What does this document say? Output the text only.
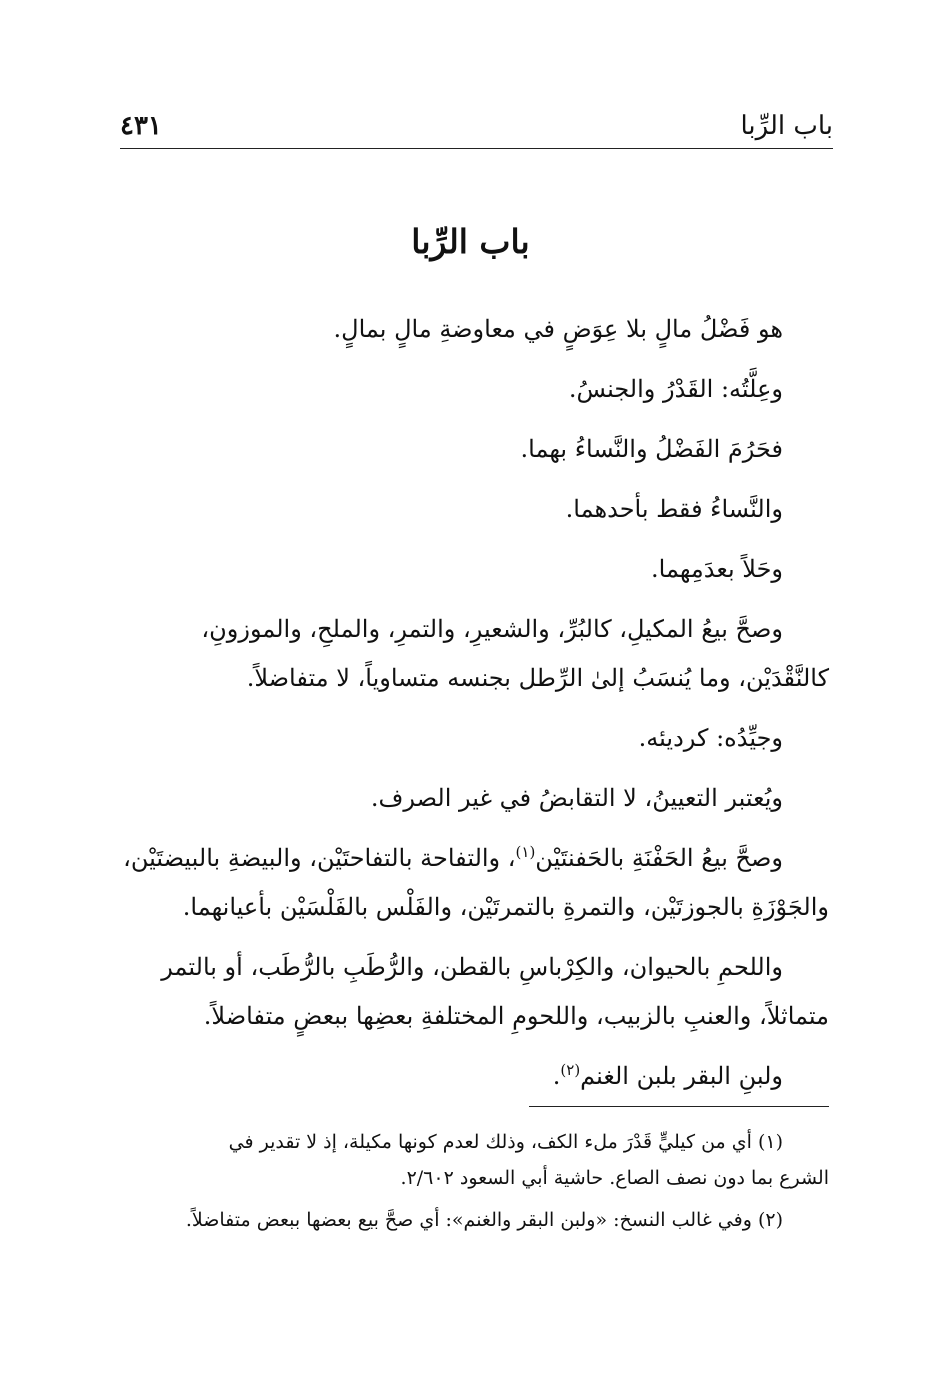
باب الرِّبا
٤٣١
باب الرِّبا

هو فَضْلُ مالٍ بلا عِوَضٍ في معاوضةِ مالٍ بمالٍ.

وعِلَّتُه: القَدْرُ والجنسُ.

فحَرُمَ الفَضْلُ والنَّساءُ بهما.

والنَّساءُ فقط بأحدهما.

وحَلاً بعدَمِهما.

وصحَّ بيعُ المكيلِ، كالبُرِّ، والشعيرِ، والتمرِ، والملحِ، والموزونِ،
كالنَّقْدَيْن، وما يُنسَبُ إلىٰ الرِّطل بجنسه متساوياً، لا متفاضلاً.

وجيِّدُه: كرديئه.

ويُعتبر التعيينُ، لا التقابضُ في غير الصرف.

وصحَّ بيعُ الحَفْنَةِ بالحَفنتَيْن$^{(١)}$، والتفاحة بالتفاحتَيْن، والبيضةِ بالبيضتَيْن،
والجَوْزَةِ بالجوزتَيْن، والتمرةِ بالتمرتَيْن، والفَلْس بالفَلْسَيْن بأعيانهما.

واللحمِ بالحيوان، والكِرْباسِ بالقطن، والرُّطَبِ بالرُّطَب، أو بالتمر
متماثلاً، والعنبِ بالزبيب، واللحومِ المختلفةِ بعضِها ببعضٍ متفاضلاً.

ولبنِ البقر بلبن الغنم$^{(٢)}$.

(١) أي من كيليٍّ قَدْرَ ملء الكف، وذلك لعدم كونها مكيلة، إذ لا تقدير في
الشرع بما دون نصف الصاع. حاشية أبي السعود ٢/٦٠٢.

(٢) وفي غالب النسخ: «ولبن البقر والغنم»: أي صحَّ بيع بعضها ببعض متفاضلاً.
